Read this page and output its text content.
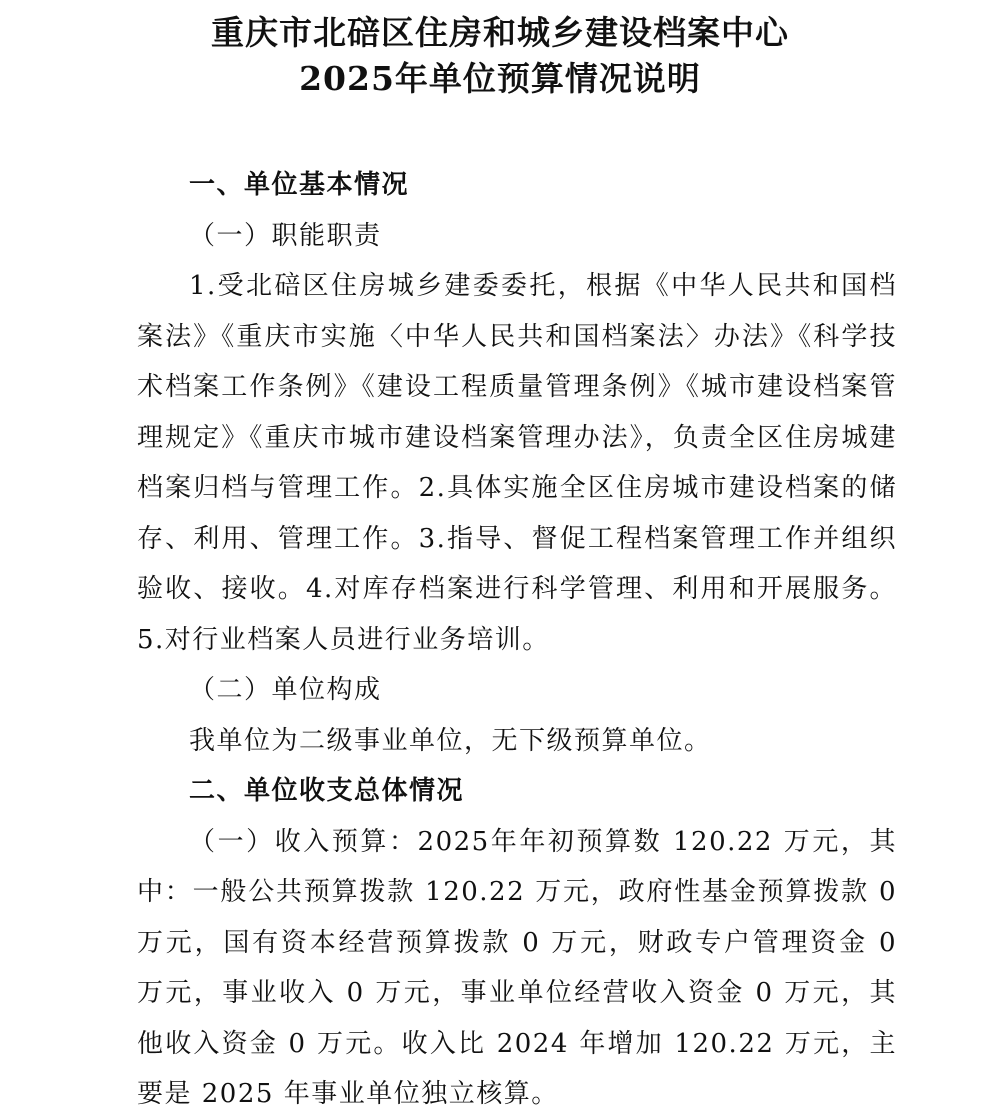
重庆市北碚区住房和城乡建设档案中心

2025年单位预算情况说明

一、单位基本情况

（一）职能职责

1.受北碚区住房城乡建委委托，根据《中华人民共和国档案法》《重庆市实施〈中华人民共和国档案法〉办法》《科学技术档案工作条例》《建设工程质量管理条例》《城市建设档案管理规定》《重庆市城市建设档案管理办法》，负责全区住房城建档案归档与管理工作。2.具体实施全区住房城市建设档案的储存、利用、管理工作。3.指导、督促工程档案管理工作并组织验收、接收。4.对库存档案进行科学管理、利用和开展服务。5.对行业档案人员进行业务培训。

（二）单位构成

我单位为二级事业单位，无下级预算单位。

二、单位收支总体情况

（一）收入预算：2025年年初预算数 120.22 万元，其中：一般公共预算拨款 120.22 万元，政府性基金预算拨款 0 万元，国有资本经营预算拨款 0 万元，财政专户管理资金 0 万元，事业收入 0 万元，事业单位经营收入资金 0 万元，其他收入资金 0 万元。收入比 2024 年增加 120.22 万元，主要是 2025 年事业单位独立核算。
